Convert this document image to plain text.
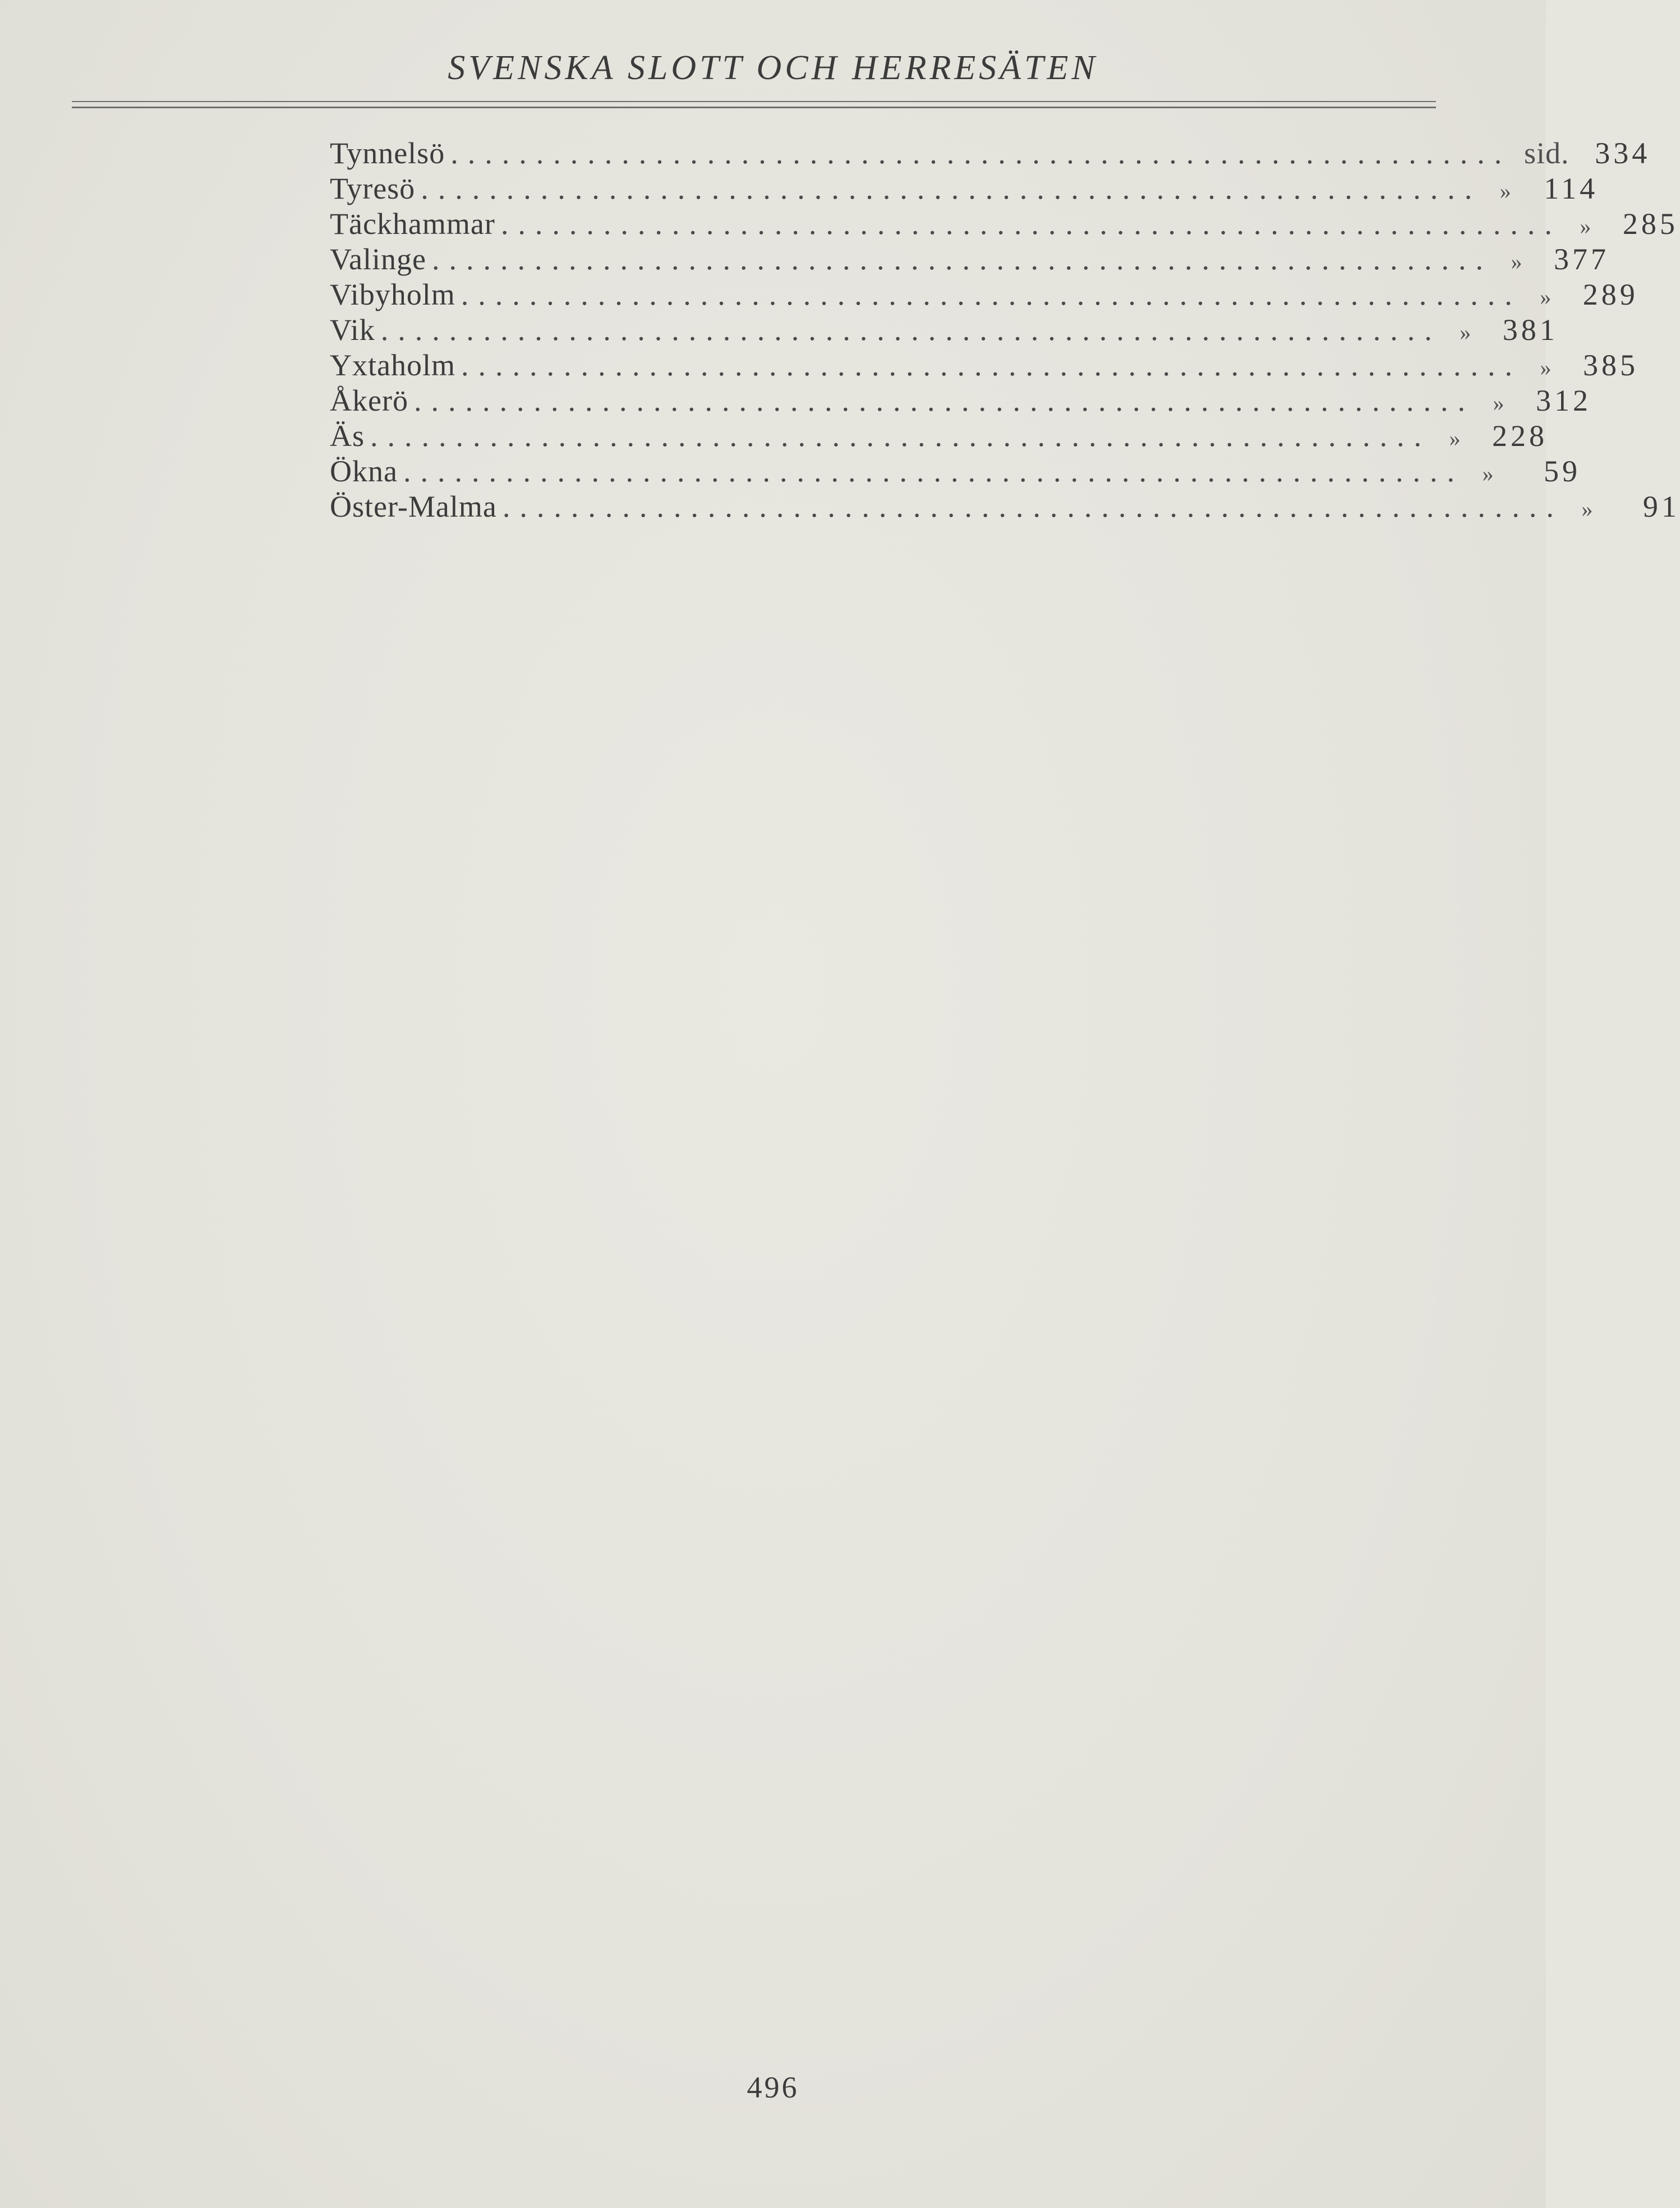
SVENSKA SLOTT OCH HERRESÄTEN
Tynnelsö .............................................................. sid. 334
Tyresö .............................................................. »	114
Täckhammar .............................................................. »	285
Valinge .............................................................. »	377
Vibyholm .............................................................. »	289
Vik .............................................................. »	381
Yxtaholm .............................................................. »	385
Åkerö .............................................................. »	312
Äs .............................................................. »	228
Ökna .............................................................. »	59
Öster-Malma .............................................................. »	91
496
